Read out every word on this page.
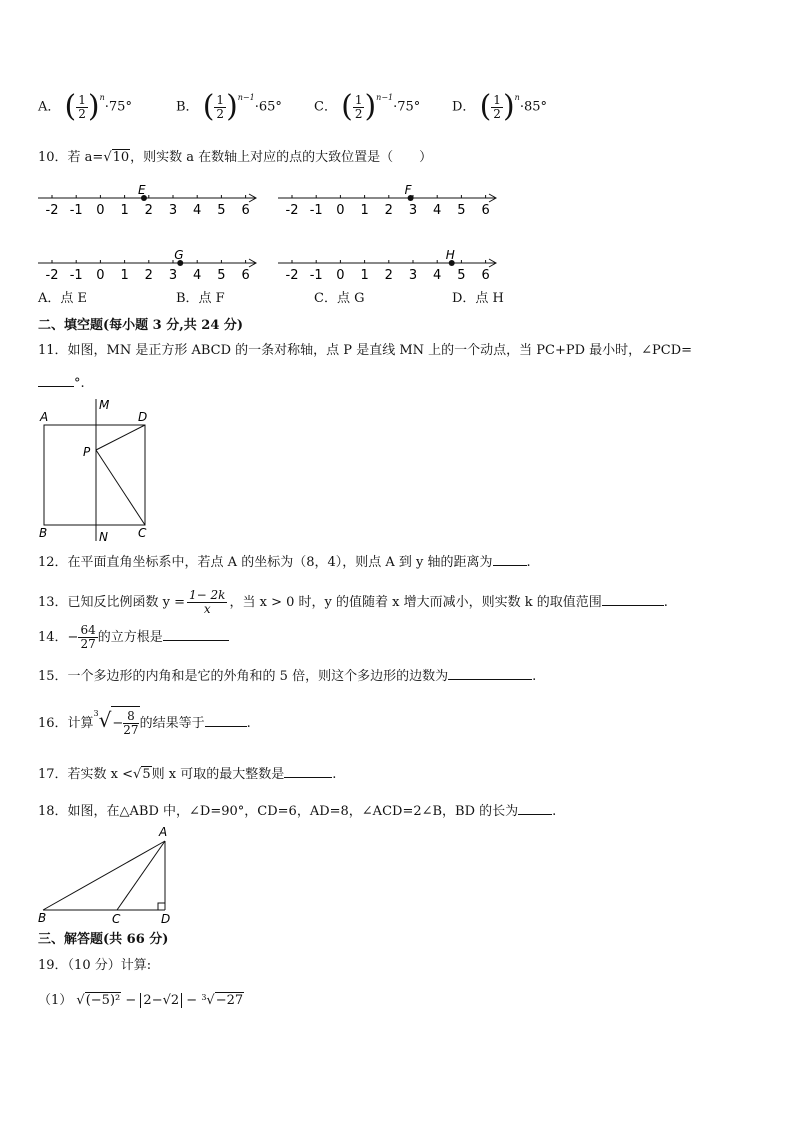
A． ( $\frac{1}{2} )^n\cdot 75^\circ$	B． ( $\frac{1}{2} )^{n-1}\cdot 65^\circ$ C． ( $\frac{1}{2} )^{n-1}\cdot 75^\circ$ D． ( $\frac{1}{2} )^n\cdot 85^\circ$
10．若 a=√10，则实数 a 在数轴上对应的点的大致位置是（　　）
-2 -1 0 1 2 3 4 5 6
E
-2 -1 0 1 2 3 4 5 6
F
-2 -1 0 1 2 3 4 5 6
G
-2 -1 0 1 2 3 4 5 6
H
A．点 E	B．点 F	C．点 G	D．点 H
二、填空题(每小题 3 分,共 24 分)
11．如图，MN 是正方形 ABCD 的一条对称轴，点 P 是直线 MN 上的一个动点，当 PC+PD 最小时，∠PCD=
°.
A
M
D
P
B	N	C
12．在平面直角坐标系中，若点 A 的坐标为（8，4），则点 A 到 y 轴的距离为	.
13．已知反比例函数 $y = \frac{1- 2k}{x}$ ，当 x > 0 时，y 的值随着 x 增大而减小，则实数 k 的取值范围	.
14．− $\frac{64}{27}$ 的立方根是
15．一个多边形的内角和是它的外角和的 5 倍，则这个多边形的边数为	.
16．计算$^3√- \frac{8}{27}$ 的结果等于	.
17．若实数 x <√5则 x 可取的最大整数是	.
18．如图，在△ABD 中，∠D=90°，CD=6，AD=8，∠ACD=2∠B，BD 的长为	.
A
B	C	D
三、解答题(共 66 分)
19．（10 分）计算:
（1） √(−5)² − 2−√2 − $^3$√−27
